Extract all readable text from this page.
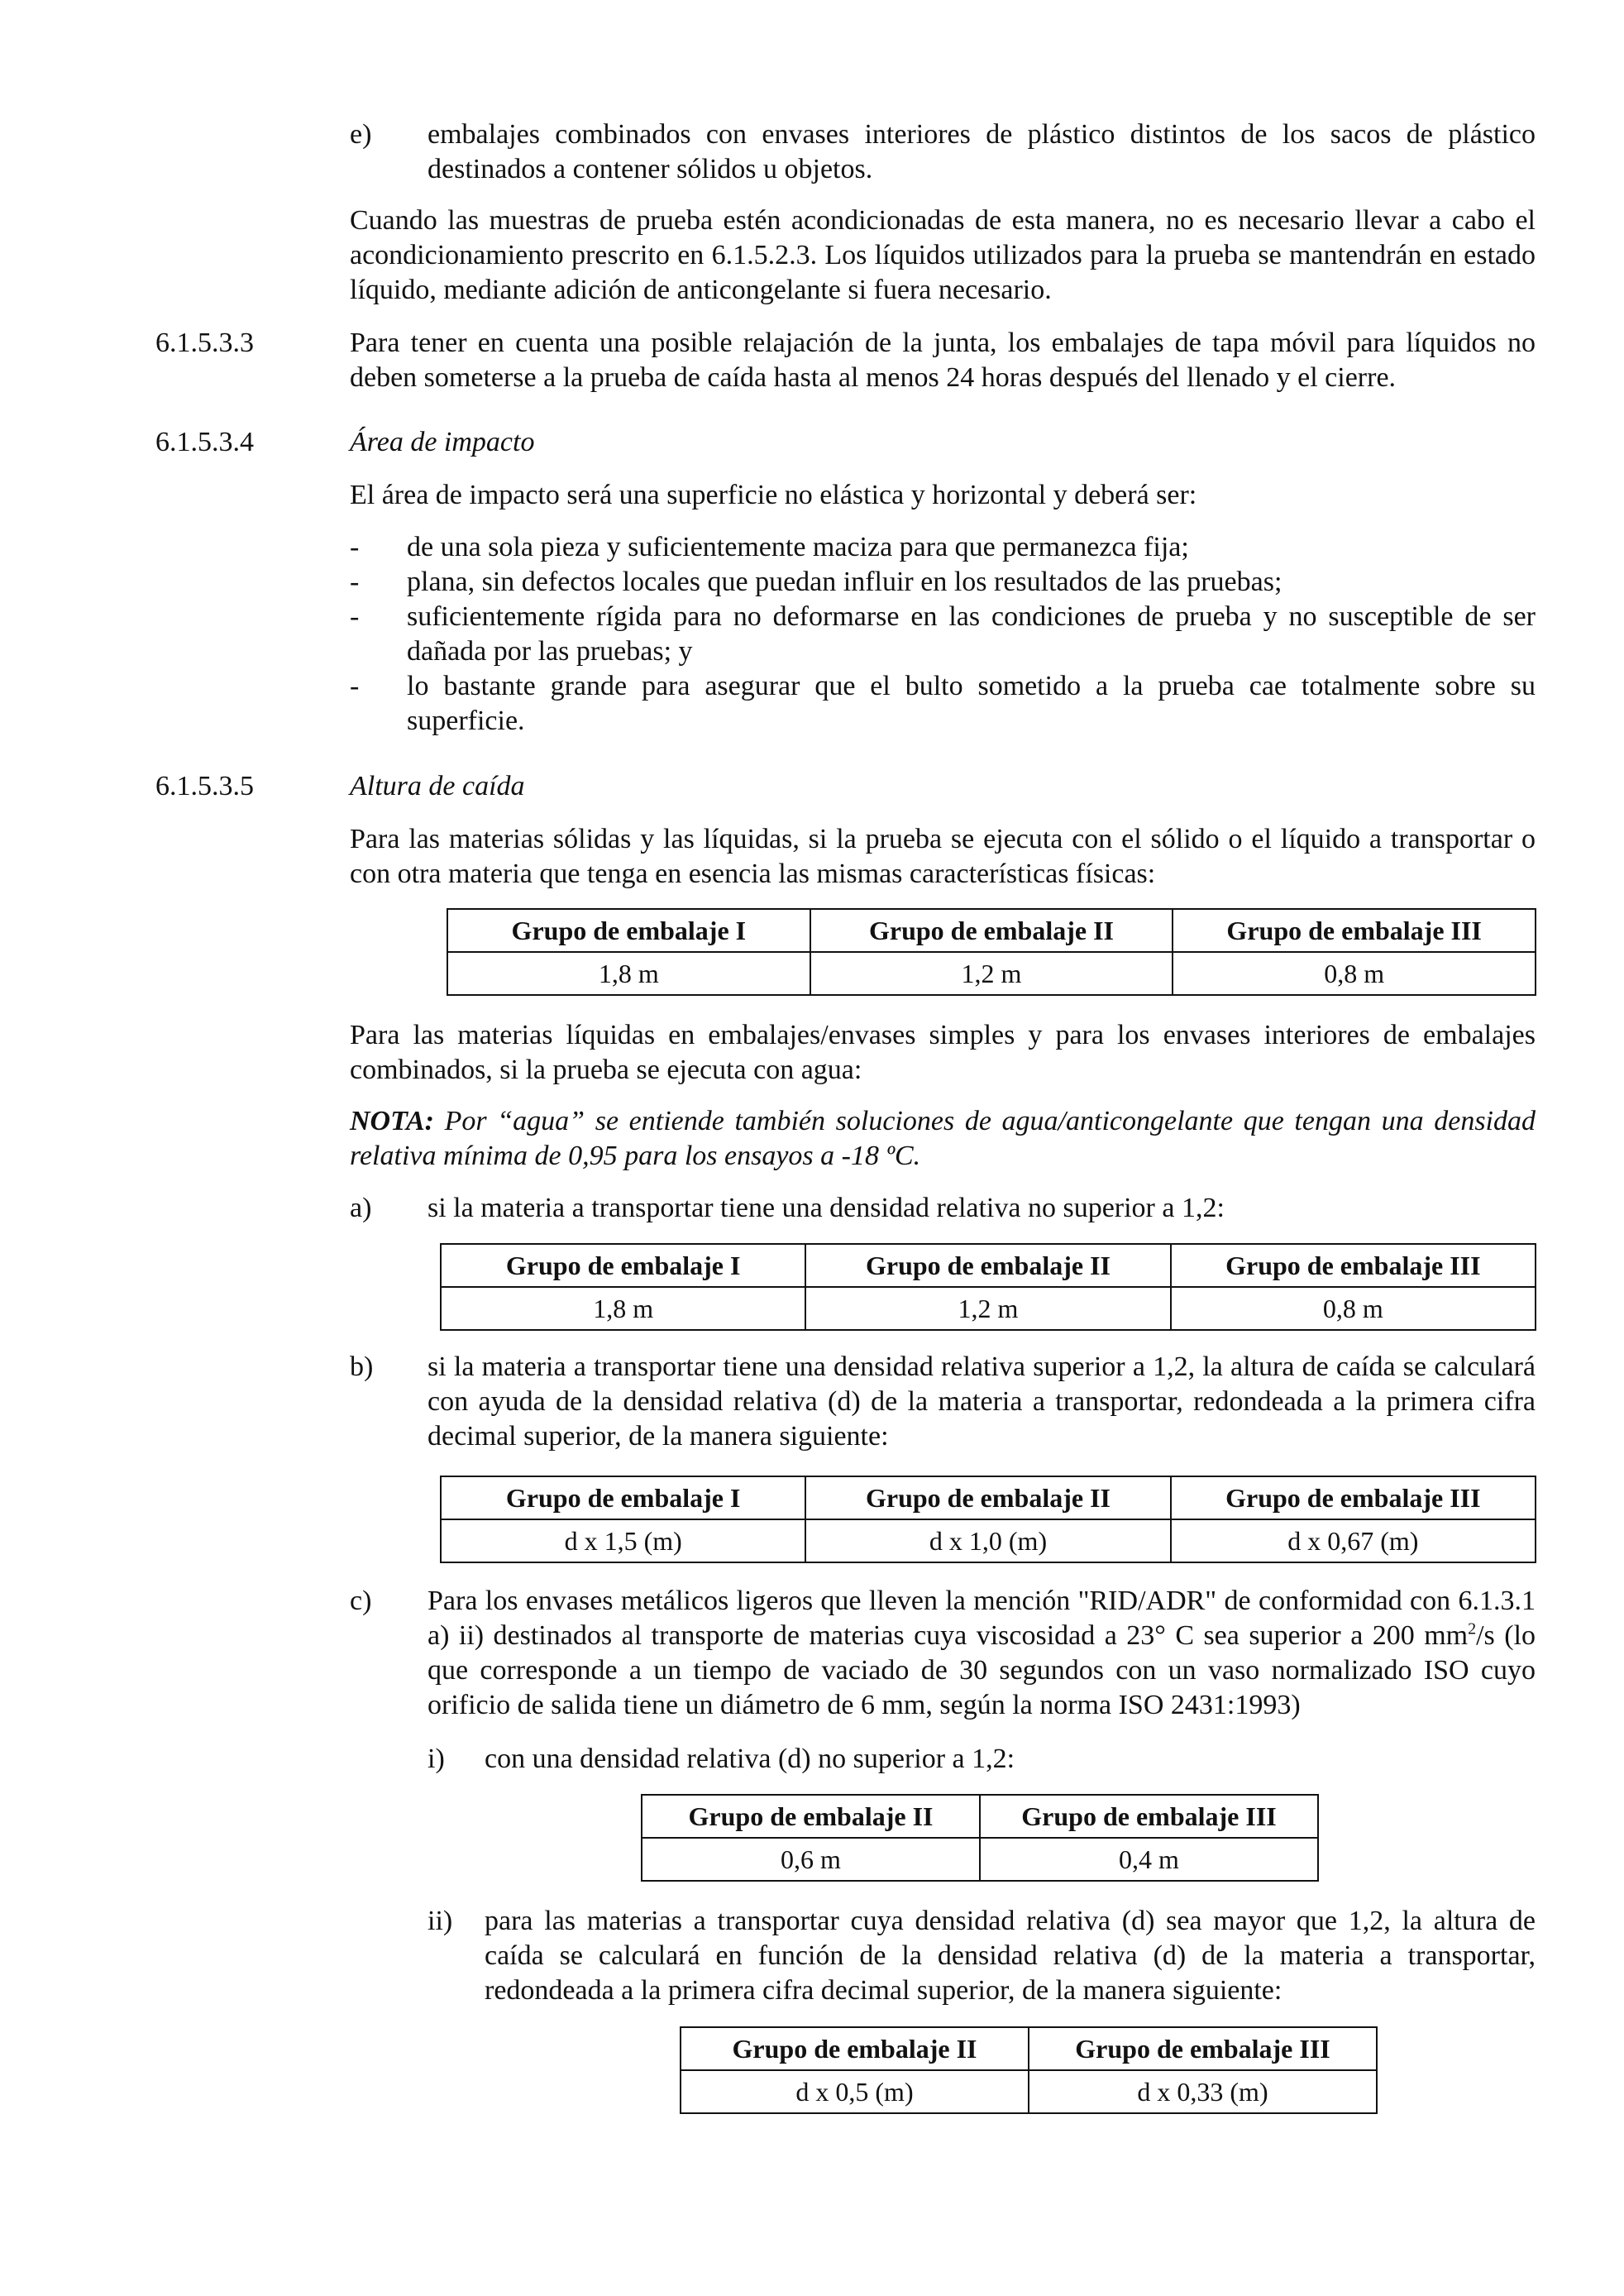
e) embalajes combinados con envases interiores de plástico distintos de los sacos de plástico destinados a contener sólidos u objetos.
Cuando las muestras de prueba estén acondicionadas de esta manera, no es necesario llevar a cabo el acondicionamiento prescrito en 6.1.5.2.3. Los líquidos utilizados para la prueba se mantendrán en estado líquido, mediante adición de anticongelante si fuera necesario.
6.1.5.3.3	Para tener en cuenta una posible relajación de la junta, los embalajes de tapa móvil para líquidos no deben someterse a la prueba de caída hasta al menos 24 horas después del llenado y el cierre.
6.1.5.3.4	Área de impacto
El área de impacto será una superficie no elástica y horizontal y deberá ser:
- de una sola pieza y suficientemente maciza para que permanezca fija;
- plana, sin defectos locales que puedan influir en los resultados de las pruebas;
- suficientemente rígida para no deformarse en las condiciones de prueba y no susceptible de ser dañada por las pruebas; y
- lo bastante grande para asegurar que el bulto sometido a la prueba cae totalmente sobre su superficie.
6.1.5.3.5	Altura de caída
Para las materias sólidas y las líquidas, si la prueba se ejecuta con el sólido o el líquido a transportar o con otra materia que tenga en esencia las mismas características físicas:
Grupo de embalaje I	Grupo de embalaje II	Grupo de embalaje III
1,8 m	1,2 m	0,8 m
Para las materias líquidas en embalajes/envases simples y para los envases interiores de embalajes combinados, si la prueba se ejecuta con agua:
NOTA: Por “agua” se entiende también soluciones de agua/anticongelante que tengan una densidad relativa mínima de 0,95 para los ensayos a -18 ºC.
a) si la materia a transportar tiene una densidad relativa no superior a 1,2:
Grupo de embalaje I	Grupo de embalaje II	Grupo de embalaje III
1,8 m	1,2 m	0,8 m
b) si la materia a transportar tiene una densidad relativa superior a 1,2, la altura de caída se calculará con ayuda de la densidad relativa (d) de la materia a transportar, redondeada a la primera cifra decimal superior, de la manera siguiente:
Grupo de embalaje I	Grupo de embalaje II	Grupo de embalaje III
d x 1,5 (m)	d x 1,0 (m)	d x 0,67 (m)
c) Para los envases metálicos ligeros que lleven la mención "RID/ADR" de conformidad con 6.1.3.1 a) ii) destinados al transporte de materias cuya viscosidad a 23° C sea superior a 200 $mm^2/s$ (lo que corresponde a un tiempo de vaciado de 30 segundos con un vaso normalizado ISO cuyo orificio de salida tiene un diámetro de 6 mm, según la norma ISO 2431:1993)
i) con una densidad relativa (d) no superior a 1,2:
Grupo de embalaje II	Grupo de embalaje III
0,6 m	0,4 m
ii) para las materias a transportar cuya densidad relativa (d) sea mayor que 1,2, la altura de caída se calculará en función de la densidad relativa (d) de la materia a transportar, redondeada a la primera cifra decimal superior, de la manera siguiente:
Grupo de embalaje II	Grupo de embalaje III
d x 0,5 (m)	d x 0,33 (m)
